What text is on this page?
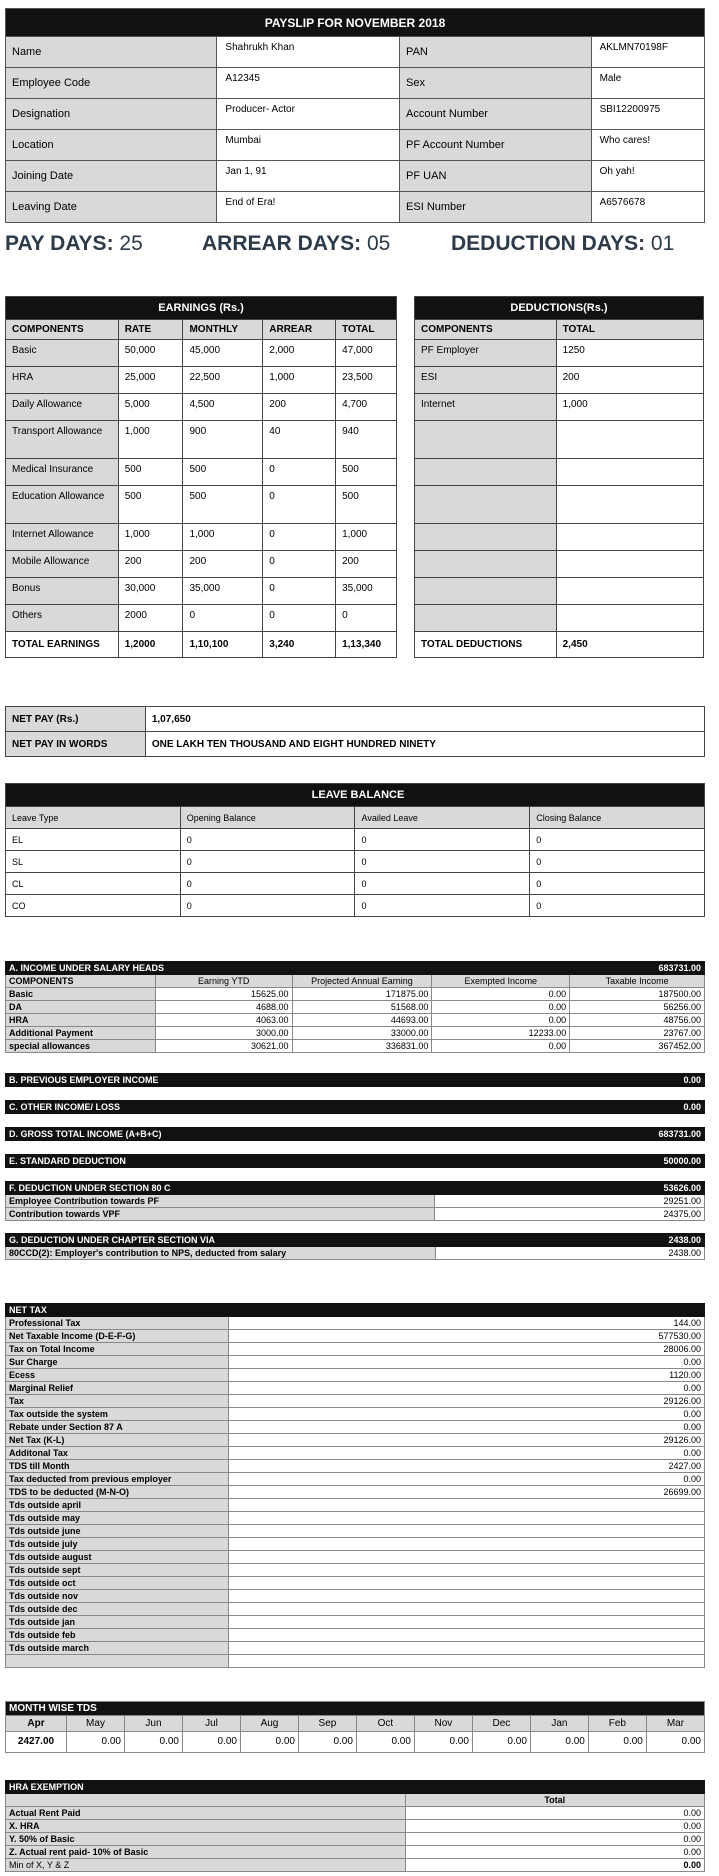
PAYSLIP FOR NOVEMBER 2018			
Name	Shahrukh Khan	PAN	AKLMN70198F
Employee Code	A12345	Sex	Male
Designation	Producer- Actor	Account Number	SBI12200975
Location	Mumbai	PF Account Number	Who cares!
Joining Date	Jan 1, 91	PF UAN	Oh yah!
Leaving Date	End of Era!	ESI Number	A6576678
PAY DAYS: 25	ARREAR DAYS: 05	DEDUCTION DAYS: 01
EARNINGS (Rs.)				
COMPONENTS	RATE	MONTHLY	ARREAR	TOTAL
Basic	50,000	45,000	2,000	47,000
HRA	25,000	22,500	1,000	23,500
Daily Allowance	5,000	4,500	200	4,700
Transport Allowance	1,000	900	40	940
Medical Insurance	500	500	0	500
Education Allowance	500	500	0	500
Internet Allowance	1,000	1,000	0	1,000
Mobile Allowance	200	200	0	200
Bonus	30,000	35,000	0	35,000
Others	2000	0	0	0
TOTAL EARNINGS	1,2000	1,10,100	3,240	1,13,340
DEDUCTIONS(Rs.)	
COMPONENTS	TOTAL
PF Employer	1250
ESI	200
Internet	1,000

TOTAL DEDUCTIONS	2,450
NET PAY (Rs.)	1,07,650
NET PAY IN WORDS	ONE LAKH TEN THOUSAND AND EIGHT HUNDRED NINETY
LEAVE BALANCE			
Leave Type	Opening Balance	Availed Leave	Closing Balance
EL	0	0	0
SL	0	0	0
CL	0	0	0
CO	0	0	0
A. INCOME UNDER SALARY HEADS				683731.00
COMPONENTS	Earning YTD	Projected Annual Earning	Exempted Income	Taxable Income
Basic	15625.00	171875.00	0.00	187500.00
DA	4688.00	51568.00	0.00	56256.00
HRA	4063.00	44693.00	0.00	48756.00
Additional Payment	3000.00	33000.00	12233.00	23767.00
special allowances	30621.00	336831.00	0.00	367452.00
B. PREVIOUS EMPLOYER INCOME	0.00
C. OTHER INCOME/ LOSS	0.00
D. GROSS TOTAL INCOME (A+B+C)	683731.00
E. STANDARD DEDUCTION	50000.00
F. DEDUCTION UNDER SECTION 80 C	53626.00
Employee Contribution towards PF	29251.00
Contribution towards VPF	24375.00
G. DEDUCTION UNDER CHAPTER SECTION VIA	2438.00
80CCD(2): Employer's contribution to NPS, deducted from salary	2438.00
NET TAX	
Professional Tax	144.00
Net Taxable Income (D-E-F-G)	577530.00
Tax on Total Income	28006.00
Sur Charge	0.00
Ecess	1120.00
Marginal Relief	0.00
Tax	29126.00
Tax outside the system	0.00
Rebate under Section 87 A	0.00
Net Tax (K-L)	29126.00
Additonal Tax	0.00
TDS till Month	2427.00
Tax deducted from previous employer	0.00
TDS to be deducted (M-N-O)	26699.00
Tds outside april	
Tds outside may	
Tds outside june	
Tds outside july	
Tds outside august	
Tds outside sept	
Tds outside oct	
Tds outside nov	
Tds outside dec	
Tds outside jan	
Tds outside feb	
Tds outside march	

MONTH WISE TDS											
Apr	May	Jun	Jul	Aug	Sep	Oct	Nov	Dec	Jan	Feb	Mar
2427.00	0.00	0.00	0.00	0.00	0.00	0.00	0.00	0.00	0.00	0.00	0.00
HRA EXEMPTION	
	Total
Actual Rent Paid	0.00
X. HRA	0.00
Y. 50% of Basic	0.00
Z. Actual rent paid- 10% of Basic	0.00
Min of X, Y & Z	0.00
